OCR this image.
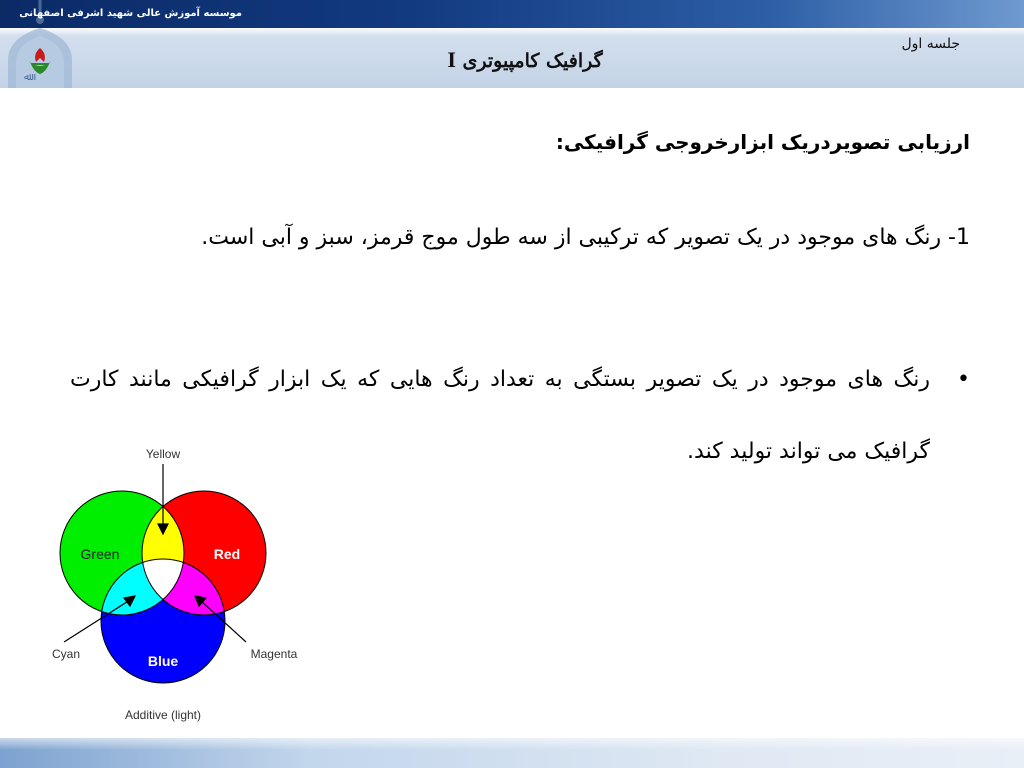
ﷲ
موسسه آموزش عالی شهید اشرفی اصفهانی
I گرافیک کامپیوتری
جلسه اول
ارزیابی تصویردریک ابزارخروجی گرافیکی:
1- رنگ های موجود در یک تصویر که ترکیبی از سه طول موج قرمز، سبز و آبی است.
•
رنگ های موجود در یک تصویر بستگی به تعداد رنگ هایی که یک ابزار گرافیکی مانند کارت گرافیک می تواند تولید کند.
Yellow
Green	Red
Blue
Cyan	Magenta
Additive (light)
